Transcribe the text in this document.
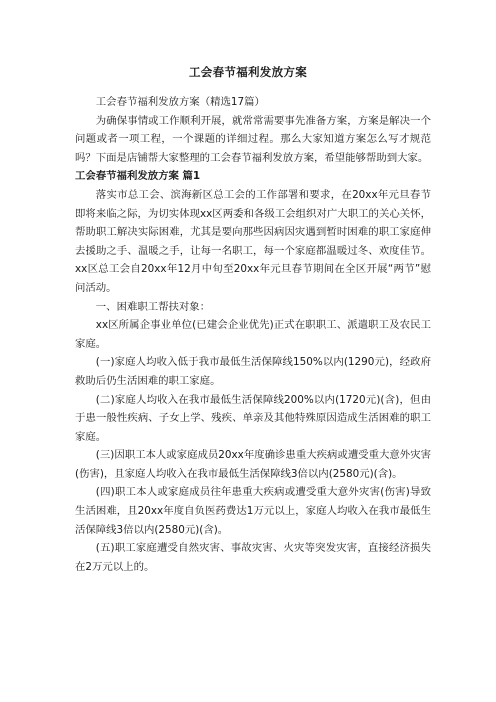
工会春节福利发放方案

工会春节福利发放方案（精选17篇）

为确保事情或工作顺利开展，就常常需要事先准备方案，方案是解决一个问题或者一项工程，一个课题的详细过程。那么大家知道方案怎么写才规范吗？下面是店铺帮大家整理的工会春节福利发放方案，希望能够帮助到大家。

工会春节福利发放方案 篇1

落实市总工会、滨海新区总工会的工作部署和要求，在20xx年元旦春节即将来临之际，为切实体现xx区两委和各级工会组织对广大职工的关心关怀，帮助职工解决实际困难，尤其是要向那些因病因灾遇到暂时困难的职工家庭伸去援助之手、温暖之手，让每一名职工，每一个家庭都温暖过冬、欢度佳节。xx区总工会自20xx年12月中旬至20xx年元旦春节期间在全区开展“两节”慰问活动。

一、困难职工帮扶对象：

xx区所属企事业单位(已建会企业优先)正式在职职工、派遣职工及农民工家庭。

(一)家庭人均收入低于我市最低生活保障线150%以内(1290元)，经政府救助后仍生活困难的职工家庭。

(二)家庭人均收入在我市最低生活保障线200%以内(1720元)(含)，但由于患一般性疾病、子女上学、残疾、单亲及其他特殊原因造成生活困难的职工家庭。

(三)因职工本人或家庭成员20xx年度确诊患重大疾病或遭受重大意外灾害(伤害)，且家庭人均收入在我市最低生活保障线3倍以内(2580元)(含)。

(四)职工本人或家庭成员往年患重大疾病或遭受重大意外灾害(伤害)导致生活困难，且20xx年度自负医药费达1万元以上，家庭人均收入在我市最低生活保障线3倍以内(2580元)(含)。

(五)职工家庭遭受自然灾害、事故灾害、火灾等突发灾害，直接经济损失在2万元以上的。
